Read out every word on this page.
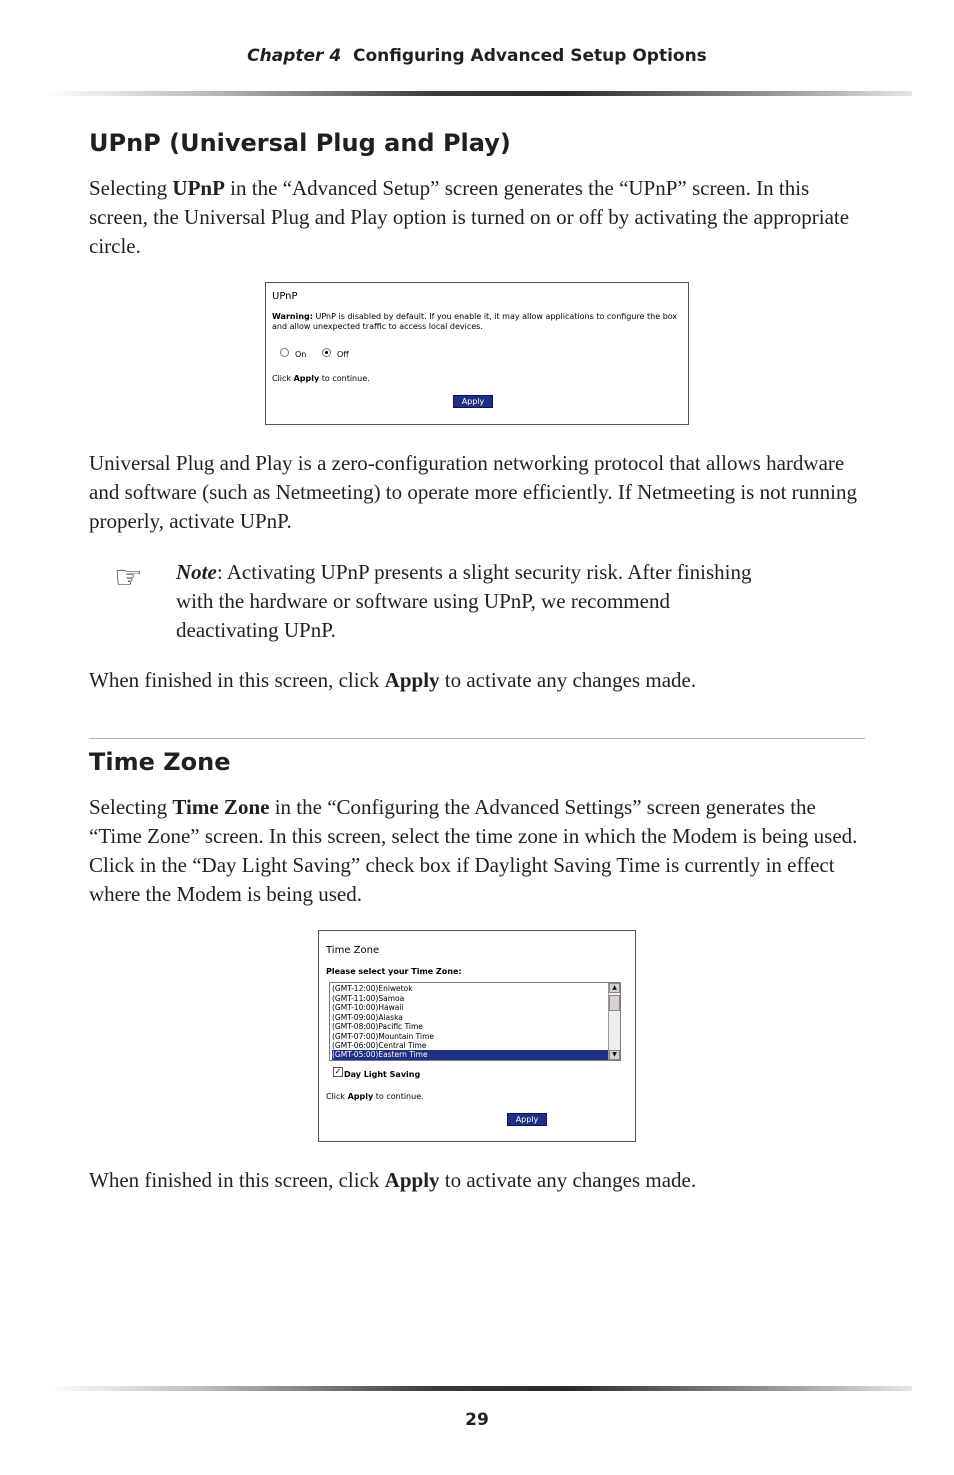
Chapter 4 Configuring Advanced Setup Options
UPnP (Universal Plug and Play)
Selecting UPnP in the “Advanced Setup” screen generates the “UPnP” screen. In this screen, the Universal Plug and Play option is turned on or off by activating the appropriate circle.
UPnP
Warning: UPnP is disabled by default. If you enable it, it may allow applications to configure the box and allow unexpected traffic to access local devices.
On	Off
Click Apply to continue.
Apply
Universal Plug and Play is a zero-configuration networking protocol that allows hardware and software (such as Netmeeting) to operate more efficiently. If Netmeeting is not running properly, activate UPnP.
☞ Note: Activating UPnP presents a slight security risk. After finishing with the hardware or software using UPnP, we recommend deactivating UPnP.
When finished in this screen, click Apply to activate any changes made.
Time Zone
Selecting Time Zone in the “Configuring the Advanced Settings” screen generates the “Time Zone” screen. In this screen, select the time zone in which the Modem is being used. Click in the “Day Light Saving” check box if Daylight Saving Time is currently in effect where the Modem is being used.
Time Zone
Please select your Time Zone:
(GMT-12:00)Eniwetok
(GMT-11:00)Samoa
(GMT-10:00)Hawaii
(GMT-09:00)Alaska
(GMT-08:00)Pacific Time
(GMT-07:00)Mountain Time
(GMT-06:00)Central Time
(GMT-05:00)Eastern Time
▲
▼
✓ Day Light Saving
Click Apply to continue.
Apply
When finished in this screen, click Apply to activate any changes made.
29
